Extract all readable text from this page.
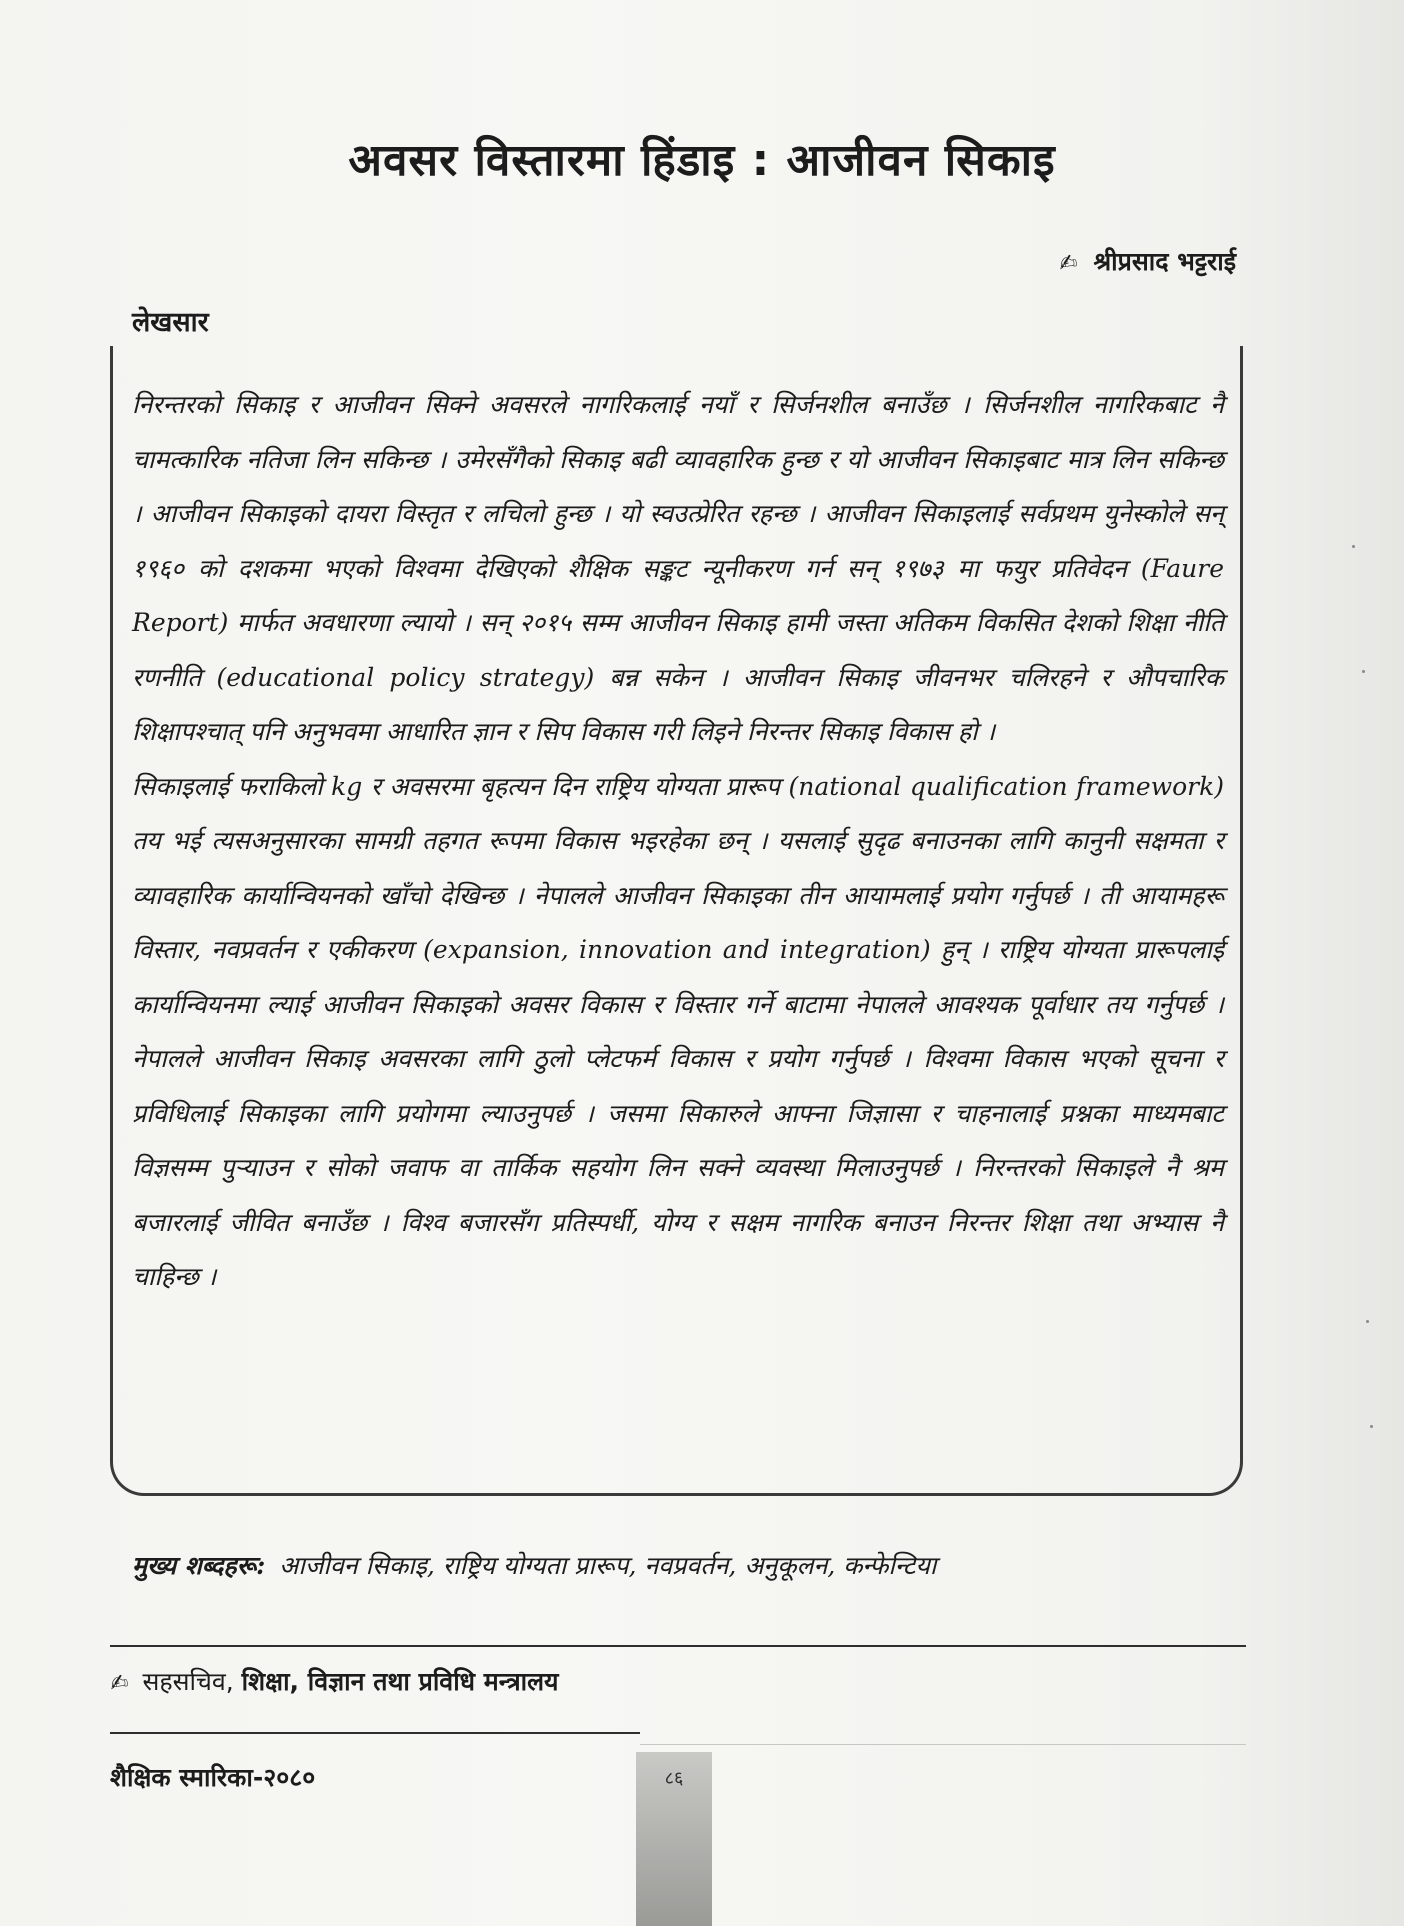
अवसर विस्तारमा हिंडाइ : आजीवन सिकाइ
✍ श्रीप्रसाद भट्टराई
लेखसार

निरन्तरको सिकाइ र आजीवन सिक्ने अवसरले नागरिकलाई नयाँ र सिर्जनशील बनाउँछ । सिर्जनशील नागरिकबाट नै चामत्कारिक नतिजा लिन सकिन्छ । उमेरसँगैको सिकाइ बढी व्यावहारिक हुन्छ र यो आजीवन सिकाइबाट मात्र लिन सकिन्छ । आजीवन सिकाइको दायरा विस्तृत र लचिलो हुन्छ । यो स्वउत्प्रेरित रहन्छ । आजीवन सिकाइलाई सर्वप्रथम युनेस्कोले सन् १९६० को दशकमा भएको विश्वमा देखिएको शैक्षिक सङ्कट न्यूनीकरण गर्न सन् १९७३ मा फयुर प्रतिवेदन (Faure Report) मार्फत अवधारणा ल्यायो । सन् २०१५ सम्म आजीवन सिकाइ हामी जस्ता अतिकम विकसित देशको शिक्षा नीति रणनीति (educational policy strategy) बन्न सकेन । आजीवन सिकाइ जीवनभर चलिरहने र औपचारिक शिक्षापश्चात् पनि अनुभवमा आधारित ज्ञान र सिप विकास गरी लिइने निरन्तर सिकाइ विकास हो ।

सिकाइलाई फराकिलो kg र अवसरमा बृहत्यन दिन राष्ट्रिय योग्यता प्रारूप (national qualification framework) तय भई त्यसअनुसारका सामग्री तहगत रूपमा विकास भइरहेका छन् । यसलाई सुदृढ बनाउनका लागि कानुनी सक्षमता र व्यावहारिक कार्यान्वियनको खाँचो देखिन्छ । नेपालले आजीवन सिकाइका तीन आयामलाई प्रयोग गर्नुपर्छ । ती आयामहरू विस्तार, नवप्रवर्तन र एकीकरण (expansion, innovation and integration) हुन् । राष्ट्रिय योग्यता प्रारूपलाई कार्यान्वियनमा ल्याई आजीवन सिकाइको अवसर विकास र विस्तार गर्ने बाटामा नेपालले आवश्यक पूर्वाधार तय गर्नुपर्छ । नेपालले आजीवन सिकाइ अवसरका लागि ठुलो प्लेटफर्म विकास र प्रयोग गर्नुपर्छ । विश्वमा विकास भएको सूचना र प्रविधिलाई सिकाइका लागि प्रयोगमा ल्याउनुपर्छ । जसमा सिकारुले आफ्ना जिज्ञासा र चाहनालाई प्रश्नका माध्यमबाट विज्ञसम्म पुऱ्याउन र सोको जवाफ वा तार्किक सहयोग लिन सक्ने व्यवस्था मिलाउनुपर्छ । निरन्तरको सिकाइले नै श्रम बजारलाई जीवित बनाउँछ । विश्व बजारसँग प्रतिस्पर्धी, योग्य र सक्षम नागरिक बनाउन निरन्तर शिक्षा तथा अभ्यास नै चाहिन्छ ।

मुख्य शब्दहरू: आजीवन सिकाइ, राष्ट्रिय योग्यता प्रारूप, नवप्रवर्तन, अनुकूलन, कन्फेन्टिया
✍ सहसचिव, शिक्षा, विज्ञान तथा प्रविधि मन्त्रालय
शैक्षिक स्मारिका-२०८०	८६
